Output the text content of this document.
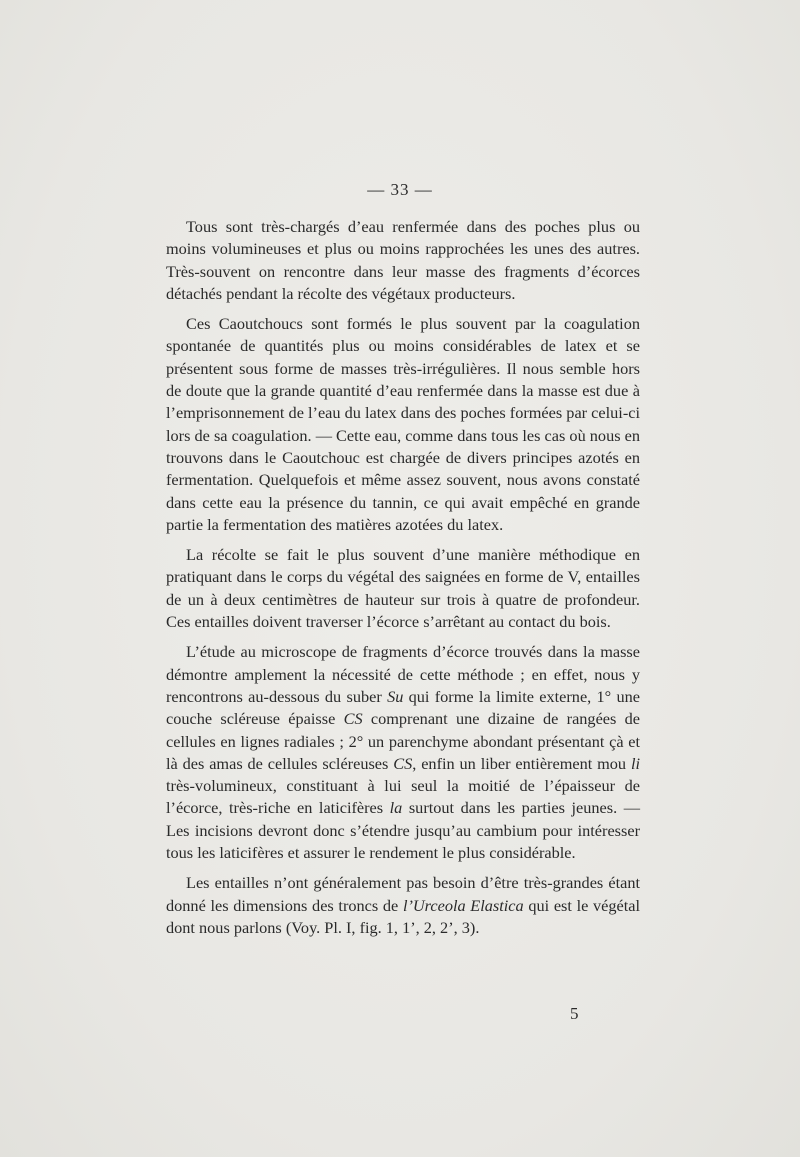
— 33 —

Tous sont très-chargés d’eau renfermée dans des poches plus ou moins volumineuses et plus ou moins rapprochées les unes des autres. Très-souvent on rencontre dans leur masse des fragments d’écorces détachés pendant la récolte des végétaux producteurs.

Ces Caoutchoucs sont formés le plus souvent par la coagulation spontanée de quantités plus ou moins considérables de latex et se présentent sous forme de masses très-irrégulières. Il nous semble hors de doute que la grande quantité d’eau renfermée dans la masse est due à l’emprisonnement de l’eau du latex dans des poches formées par celui-ci lors de sa coagulation. — Cette eau, comme dans tous les cas où nous en trouvons dans le Caoutchouc est chargée de divers principes azotés en fermentation. Quelquefois et même assez souvent, nous avons constaté dans cette eau la présence du tannin, ce qui avait empêché en grande partie la fermentation des matières azotées du latex.

La récolte se fait le plus souvent d’une manière méthodique en pratiquant dans le corps du végétal des saignées en forme de V, entailles de un à deux centimètres de hauteur sur trois à quatre de profondeur. Ces entailles doivent traverser l’écorce s’arrêtant au contact du bois.

L’étude au microscope de fragments d’écorce trouvés dans la masse démontre amplement la nécessité de cette méthode ; en effet, nous y rencontrons au-dessous du suber Su qui forme la limite externe, 1° une couche scléreuse épaisse CS comprenant une dizaine de rangées de cellules en lignes radiales ; 2° un parenchyme abondant présentant çà et là des amas de cellules scléreuses CS, enfin un liber entièrement mou li très-volumineux, constituant à lui seul la moitié de l’épaisseur de l’écorce, très-riche en laticifères la surtout dans les parties jeunes. — Les incisions devront donc s’étendre jusqu’au cambium pour intéresser tous les laticifères et assurer le rendement le plus considérable.

Les entailles n’ont généralement pas besoin d’être très-grandes étant donné les dimensions des troncs de l’Urceola Elastica qui est le végétal dont nous parlons (Voy. Pl. I, fig. 1, 1’, 2, 2’, 3).

5
